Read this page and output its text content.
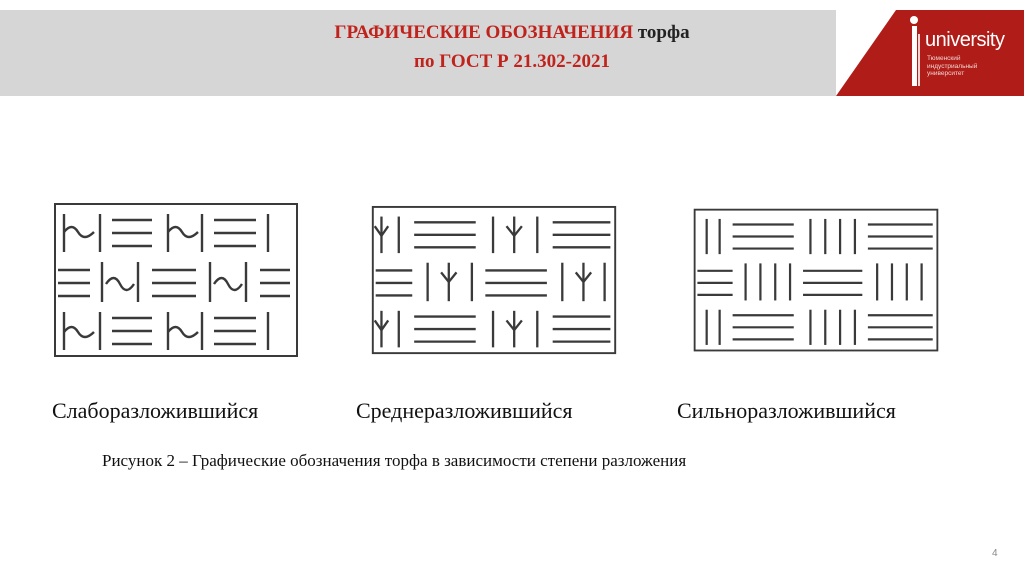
ГРАФИЧЕСКИЕ ОБОЗНАЧЕНИЯ торфа
по ГОСТ Р 21.302-2021
university
Тюменский
индустриальный
университет
Слаборазложившийся	Среднеразложившийся	Сильноразложившийся
Рисунок 2 – Графические обозначения торфа в зависимости степени разложения
4
